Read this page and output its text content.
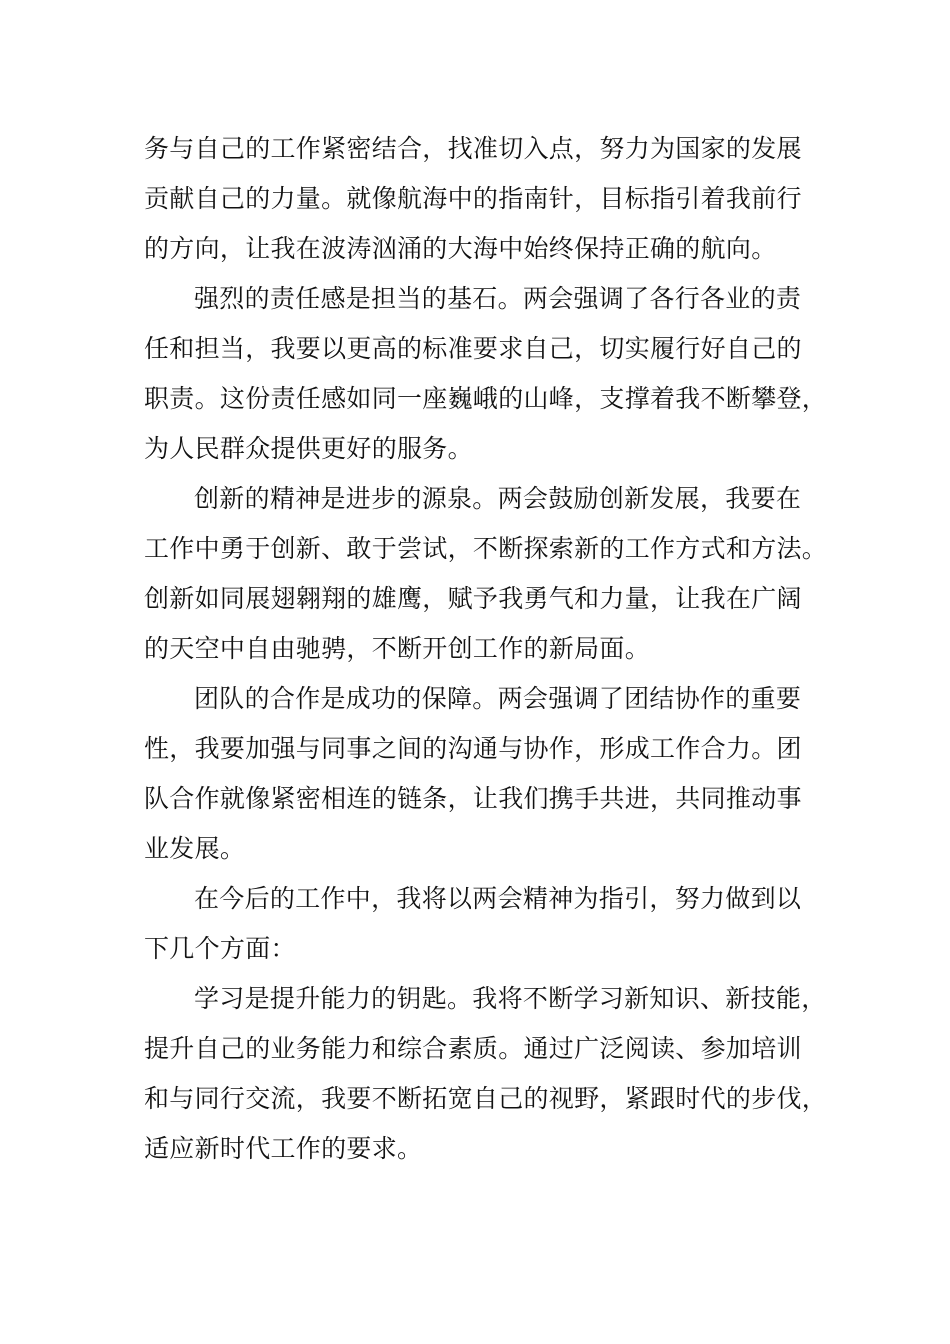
务与自己的工作紧密结合，找准切入点，努力为国家的发展
贡献自己的力量。就像航海中的指南针，目标指引着我前行
的方向，让我在波涛汹涌的大海中始终保持正确的航向。
强烈的责任感是担当的基石。两会强调了各行各业的责
任和担当，我要以更高的标准要求自己，切实履行好自己的
职责。这份责任感如同一座巍峨的山峰，支撑着我不断攀登，
为人民群众提供更好的服务。
创新的精神是进步的源泉。两会鼓励创新发展，我要在
工作中勇于创新、敢于尝试，不断探索新的工作方式和方法。
创新如同展翅翱翔的雄鹰，赋予我勇气和力量，让我在广阔
的天空中自由驰骋，不断开创工作的新局面。
团队的合作是成功的保障。两会强调了团结协作的重要
性，我要加强与同事之间的沟通与协作，形成工作合力。团
队合作就像紧密相连的链条，让我们携手共进，共同推动事
业发展。
在今后的工作中，我将以两会精神为指引，努力做到以
下几个方面：
学习是提升能力的钥匙。我将不断学习新知识、新技能，
提升自己的业务能力和综合素质。通过广泛阅读、参加培训
和与同行交流，我要不断拓宽自己的视野，紧跟时代的步伐，
适应新时代工作的要求。
